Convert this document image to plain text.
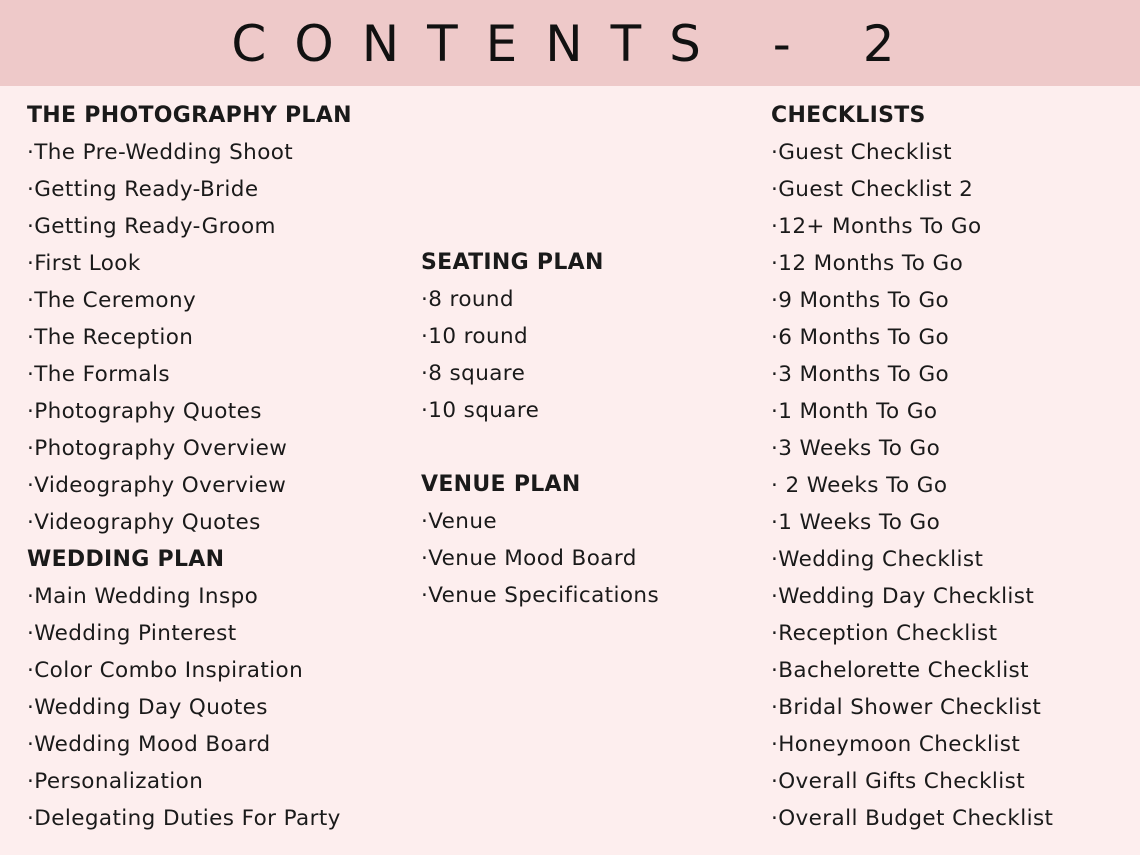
CONTENTS - 2
THE PHOTOGRAPHY PLAN
·The Pre-Wedding Shoot
·Getting Ready-Bride
·Getting Ready-Groom
·First Look
·The Ceremony
·The Reception
·The Formals
·Photography Quotes
·Photography Overview
·Videography Overview
·Videography Quotes
WEDDING PLAN
·Main Wedding Inspo
·Wedding Pinterest
·Color Combo Inspiration
·Wedding Day Quotes
·Wedding Mood Board
·Personalization
·Delegating Duties For Party
SEATING PLAN
·8 round
·10 round
·8 square
·10 square
VENUE PLAN
·Venue
·Venue Mood Board
·Venue Specifications
CHECKLISTS
·Guest Checklist
·Guest Checklist 2
·12+ Months To Go
·12 Months To Go
·9 Months To Go
·6 Months To Go
·3 Months To Go
·1 Month To Go
·3 Weeks To Go
· 2 Weeks To Go
·1 Weeks To Go
·Wedding Checklist
·Wedding Day Checklist
·Reception Checklist
·Bachelorette Checklist
·Bridal Shower Checklist
·Honeymoon Checklist
·Overall Gifts Checklist
·Overall Budget Checklist
